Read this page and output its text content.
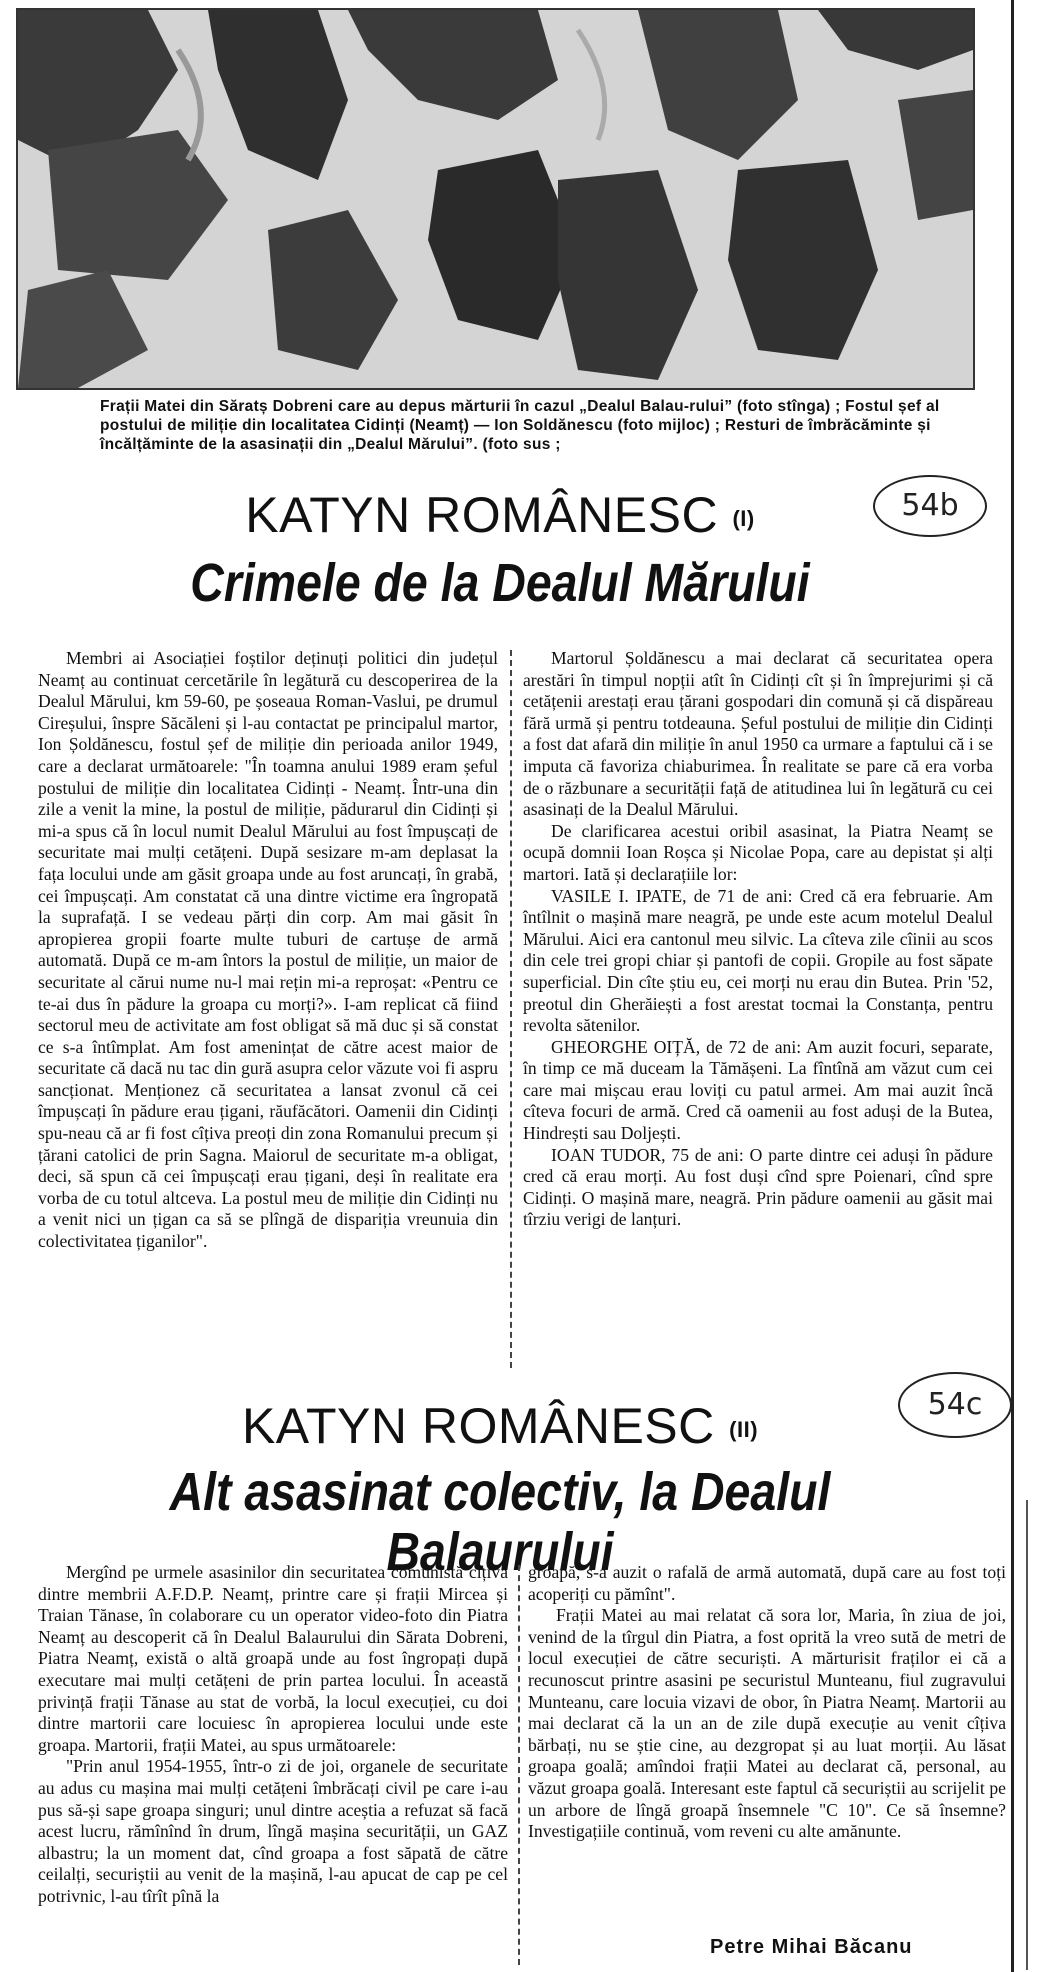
Frații Matei din Săratș Dobreni care au depus mărturii în cazul „Dealul Balau-rului” (foto stînga) ; Fostul șef al postului de miliție din localitatea Cidinți (Neamț) — Ion Soldănescu (foto mijloc) ; Resturi de îmbrăcăminte și încălțăminte de la asasinații din „Dealul Mărului”. (foto sus ;
KATYN ROMÂNESC (I)	54b
Crimele de la Dealul Mărului

Membri ai Asociației foștilor deținuți politici din județul Neamț au continuat cercetările în legătură cu descoperirea de la Dealul Mărului, km 59-60, pe șoseaua Roman-Vaslui, pe drumul Cireșului, înspre Săcăleni și l-au contactat pe principalul martor, Ion Șoldănescu, fostul șef de miliție din perioada anilor 1949, care a declarat următoarele: "În toamna anului 1989 eram șeful postului de miliție din localitatea Cidinți - Neamț. Într-una din zile a venit la mine, la postul de miliție, pădurarul din Cidinți și mi-a spus că în locul numit Dealul Mărului au fost împușcați de securitate mai mulți cetățeni. După sesizare m-am deplasat la fața locului unde am găsit groapa unde au fost aruncați, în grabă, cei împușcați. Am constatat că una dintre victime era îngropată la suprafață. I se vedeau părți din corp. Am mai găsit în apropierea gropii foarte multe tuburi de cartușe de armă automată. După ce m-am întors la postul de miliție, un maior de securitate al cărui nume nu-l mai rețin mi-a reproșat: «Pentru ce te-ai dus în pădure la groapa cu morți?». I-am replicat că fiind sectorul meu de activitate am fost obligat să mă duc și să constat ce s-a întîmplat. Am fost amenințat de către acest maior de securitate că dacă nu tac din gură asupra celor văzute voi fi aspru sancționat. Menționez că securitatea a lansat zvonul că cei împușcați în pădure erau țigani, răufăcători. Oamenii din Cidinți spu-neau că ar fi fost cîțiva preoți din zona Romanului precum și țărani catolici de prin Sagna. Maiorul de securitate m-a obligat, deci, să spun că cei împușcați erau țigani, deși în realitate era vorba de cu totul altceva. La postul meu de miliție din Cidinți nu a venit nici un țigan ca să se plîngă de dispariția vreunuia din colectivitatea țiganilor".

Martorul Șoldănescu a mai declarat că securitatea opera arestări în timpul nopții atît în Cidinți cît și în împrejurimi și că cetățenii arestați erau țărani gospodari din comună și că dispăreau fără urmă și pentru totdeauna. Șeful postului de miliție din Cidinți a fost dat afară din miliție în anul 1950 ca urmare a faptului că i se imputa că favoriza chiaburimea. În realitate se pare că era vorba de o răzbunare a securității față de atitudinea lui în legătură cu cei asasinați de la Dealul Mărului.

De clarificarea acestui oribil asasinat, la Piatra Neamț se ocupă domnii Ioan Roșca și Nicolae Popa, care au depistat și alți martori. Iată și declarațiile lor:

VASILE I. IPATE, de 71 de ani: Cred că era februarie. Am întîlnit o mașină mare neagră, pe unde este acum motelul Dealul Mărului. Aici era cantonul meu silvic. La cîteva zile cîinii au scos din cele trei gropi chiar și pantofi de copii. Gropile au fost săpate superficial. Din cîte știu eu, cei morți nu erau din Butea. Prin '52, preotul din Gherăiești a fost arestat tocmai la Constanța, pentru revolta sătenilor.

GHEORGHE OIȚĂ, de 72 de ani: Am auzit focuri, separate, în timp ce mă duceam la Tămășeni. La fîntînă am văzut cum cei care mai mișcau erau loviți cu patul armei. Am mai auzit încă cîteva focuri de armă. Cred că oamenii au fost aduși de la Butea, Hindrești sau Doljești.

IOAN TUDOR, 75 de ani: O parte dintre cei aduși în pădure cred că erau morți. Au fost duși cînd spre Poienari, cînd spre Cidinți. O mașină mare, neagră. Prin pădure oamenii au găsit mai tîrziu verigi de lanțuri.

KATYN ROMÂNESC (II)
54c
Alt asasinat colectiv, la Dealul Balaurului

Mergînd pe urmele asasinilor din securitatea comunistă cîțiva dintre membrii A.F.D.P. Neamț, printre care și frații Mircea și Traian Tănase, în colaborare cu un operator video-foto din Piatra Neamț au descoperit că în Dealul Balaurului din Sărata Dobreni, Piatra Neamț, există o altă groapă unde au fost îngropați după executare mai mulți cetățeni de prin partea locului. În această privință frații Tănase au stat de vorbă, la locul execuției, cu doi dintre martorii care locuiesc în apropierea locului unde este groapa. Martorii, frații Matei, au spus următoarele:

"Prin anul 1954-1955, într-o zi de joi, organele de securitate au adus cu mașina mai mulți cetățeni îmbrăcați civil pe care i-au pus să-și sape groapa singuri; unul dintre aceștia a refuzat să facă acest lucru, rămînînd în drum, lîngă mașina securității, un GAZ albastru; la un moment dat, cînd groapa a fost săpată de către ceilalți, securiștii au venit de la mașină, l-au apucat de cap pe cel potrivnic, l-au tîrît pînă la

groapă, s-a auzit o rafală de armă automată, după care au fost toți acoperiți cu pămînt".

Frații Matei au mai relatat că sora lor, Maria, în ziua de joi, venind de la tîrgul din Piatra, a fost oprită la vreo sută de metri de locul execuției de către securiști. A mărturisit fraților ei că a recunoscut printre asasini pe securistul Munteanu, fiul zugravului Munteanu, care locuia vizavi de obor, în Piatra Neamț. Martorii au mai declarat că la un an de zile după execuție au venit cîțiva bărbați, nu se știe cine, au dezgropat și au luat morții. Au lăsat groapa goală; amîndoi frații Matei au declarat că, personal, au văzut groapa goală. Interesant este faptul că securiștii au scrijelit pe un arbore de lîngă groapă însemnele "C 10". Ce să însemne? Investigațiile continuă, vom reveni cu alte amănunte.

Petre Mihai Băcanu
